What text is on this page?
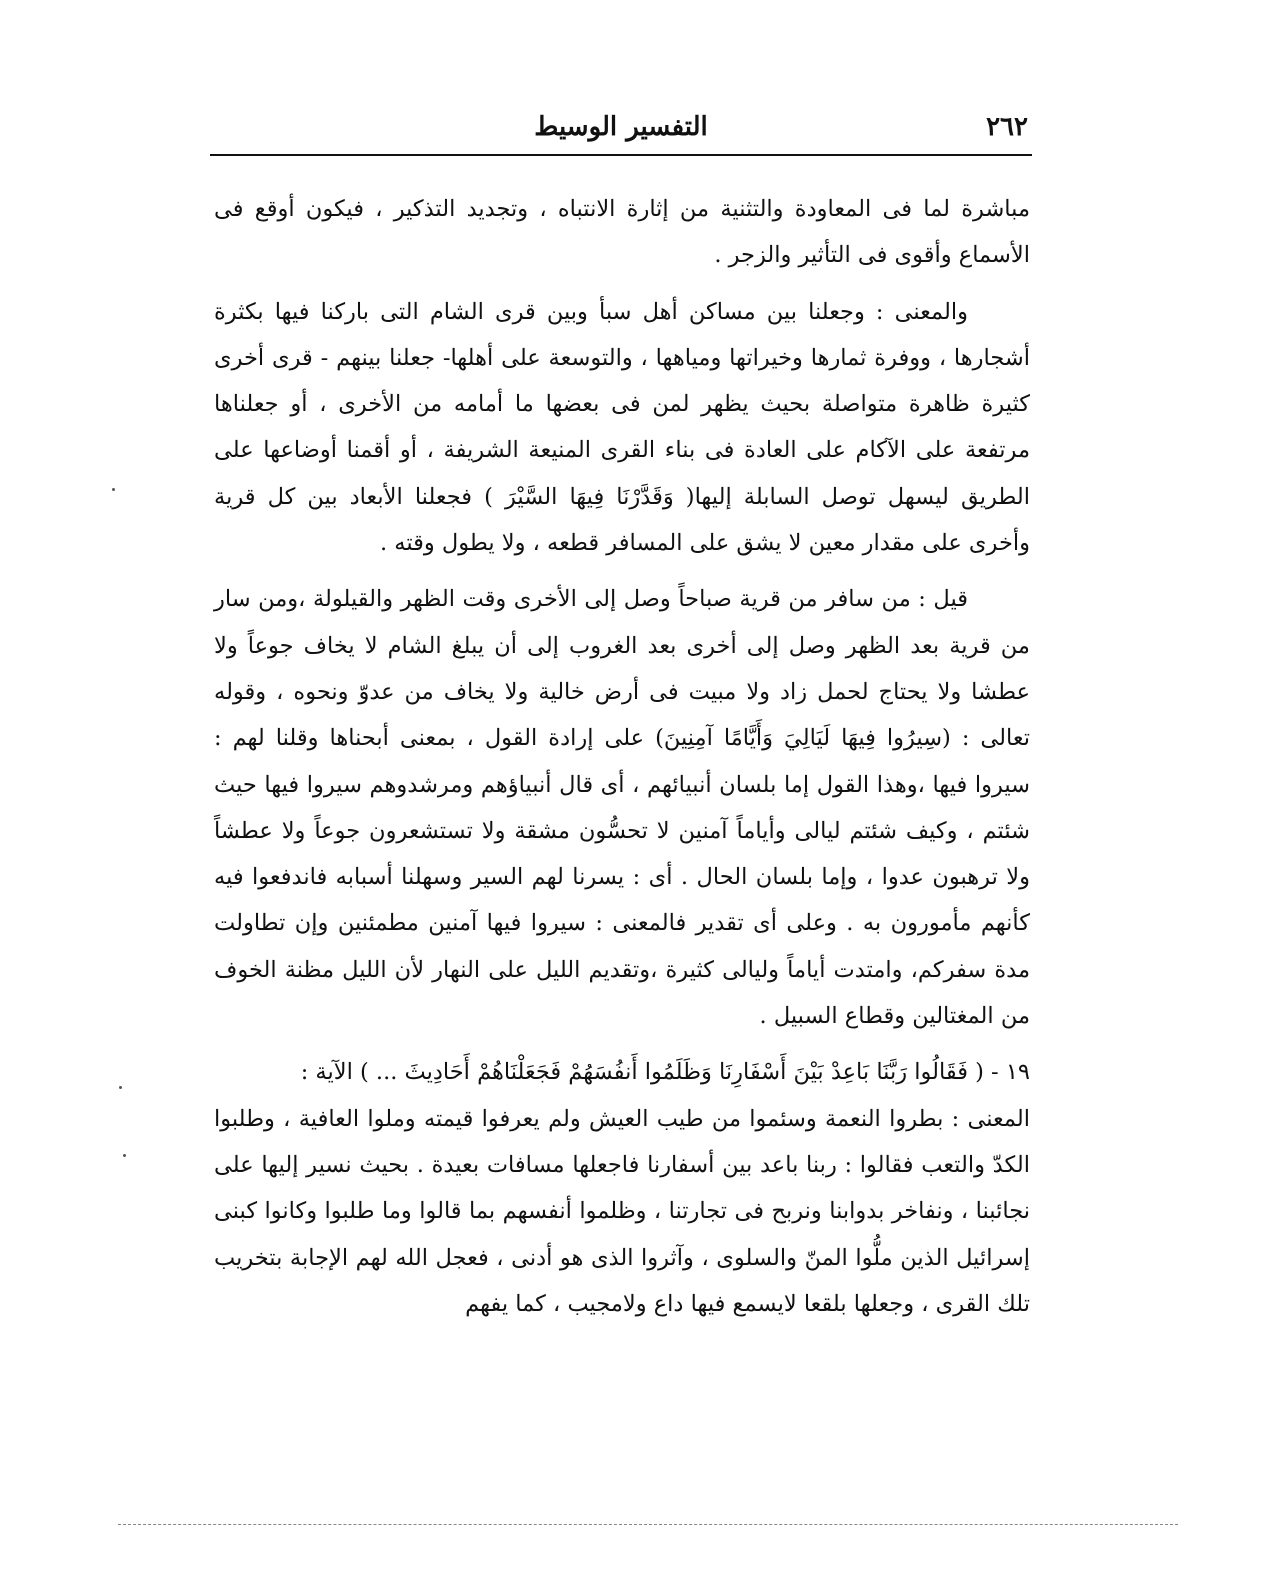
٢٦٢
التفسير الوسيط

مباشرة لما فى المعاودة والتثنية من إثارة الانتباه ، وتجديد التذكير ، فيكون أوقع فى الأسماع وأقوى فى التأثير والزجر .

والمعنى : وجعلنا بين مساكن أهل سبأ وبين قرى الشام التى باركنا فيها بكثرة أشجارها ، ووفرة ثمارها وخيراتها ومياهها ، والتوسعة على أهلها- جعلنا بينهم - قرى أخرى كثيرة ظاهرة متواصلة بحيث يظهر لمن فى بعضها ما أمامه من الأخرى ، أو جعلناها مرتفعة على الآكام على العادة فى بناء القرى المنيعة الشريفة ، أو أقمنا أوضاعها على الطريق ليسهل توصل السابلة إليها( وَقَدَّرْنَا فِيهَا السَّيْرَ ) فجعلنا الأبعاد بين كل قرية وأخرى على مقدار معين لا يشق على المسافر قطعه ، ولا يطول وقته .

قيل : من سافر من قرية صباحاً وصل إلى الأخرى وقت الظهر والقيلولة ،ومن سار من قرية بعد الظهر وصل إلى أخرى بعد الغروب إلى أن يبلغ الشام لا يخاف جوعاً ولا عطشا ولا يحتاج لحمل زاد ولا مبيت فى أرض خالية ولا يخاف من عدوّ ونحوه ، وقوله تعالى : (سِيرُوا فِيهَا لَيَالِيَ وَأَيَّامًا آمِنِينَ) على إرادة القول ، بمعنى أبحناها وقلنا لهم : سيروا فيها ،وهذا القول إما بلسان أنبيائهم ، أى قال أنبياؤهم ومرشدوهم سيروا فيها حيث شئتم ، وكيف شئتم ليالى وأياماً آمنين لا تحسُّون مشقة ولا تستشعرون جوعاً ولا عطشاً ولا ترهبون عدوا ، وإما بلسان الحال . أى : يسرنا لهم السير وسهلنا أسبابه فاندفعوا فيه كأنهم مأمورون به . وعلى أى تقدير فالمعنى : سيروا فيها آمنين مطمئنين وإن تطاولت مدة سفركم، وامتدت أياماً وليالى كثيرة ،وتقديم الليل على النهار لأن الليل مظنة الخوف من المغتالين وقطاع السبيل .

١٩ - ( فَقَالُوا رَبَّنَا بَاعِدْ بَيْنَ أَسْفَارِنَا وَظَلَمُوا أَنفُسَهُمْ فَجَعَلْنَاهُمْ أَحَادِيثَ ... ) الآية :

المعنى : بطروا النعمة وسئموا من طيب العيش ولم يعرفوا قيمته وملوا العافية ، وطلبوا الكدّ والتعب فقالوا : ربنا باعد بين أسفارنا فاجعلها مسافات بعيدة . بحيث نسير إليها على نجائبنا ، ونفاخر بدوابنا ونربح فى تجارتنا ، وظلموا أنفسهم بما قالوا وما طلبوا وكانوا كبنى إسرائيل الذين ملُّوا المنّ والسلوى ، وآثروا الذى هو أدنى ، فعجل الله لهم الإجابة بتخريب تلك القرى ، وجعلها بلقعا لايسمع فيها داع ولامجيب ، كما يفهم
